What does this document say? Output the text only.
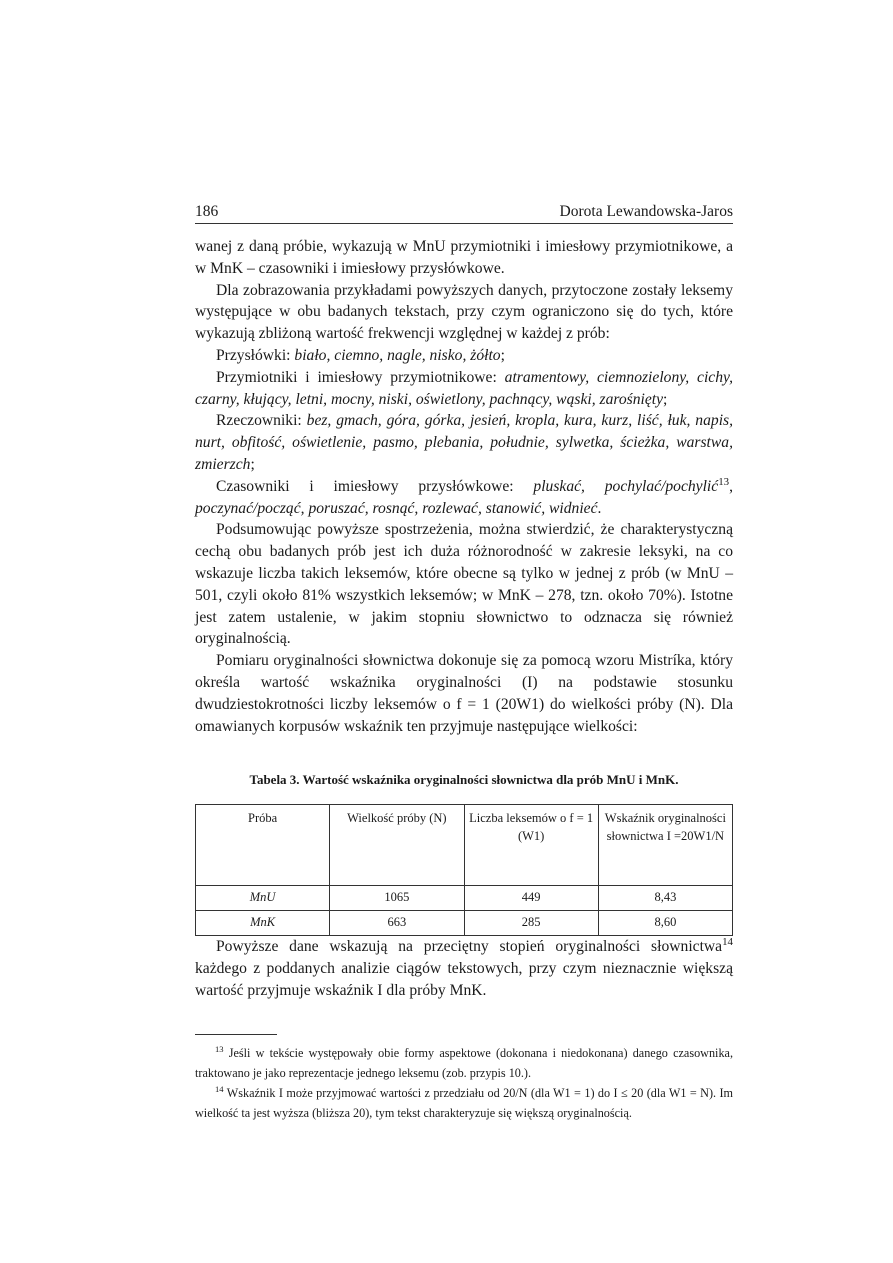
186	Dorota Lewandowska-Jaros

wanej z daną próbie, wykazują w MnU przymiotniki i imiesłowy przymiotnikowe, a w MnK – czasowniki i imiesłowy przysłówkowe.

Dla zobrazowania przykładami powyższych danych, przytoczone zostały leksemy występujące w obu badanych tekstach, przy czym ograniczono się do tych, które wykazują zbliżoną wartość frekwencji względnej w każdej z prób:

Przysłówki: biało, ciemno, nagle, nisko, żółto;

Przymiotniki i imiesłowy przymiotnikowe: atramentowy, ciemnozielony, cichy, czarny, kłujący, letni, mocny, niski, oświetlony, pachnący, wąski, zarośnięty;

Rzeczowniki: bez, gmach, góra, górka, jesień, kropla, kura, kurz, liść, łuk, napis, nurt, obfitość, oświetlenie, pasmo, plebania, południe, sylwetka, ścieżka, warstwa, zmierzch;

Czasowniki i imiesłowy przysłówkowe: pluskać, pochylać/pochylić$^{13}$, poczynać/począć, poruszać, rosnąć, rozlewać, stanowić, widnieć.

Podsumowując powyższe spostrzeżenia, można stwierdzić, że charakterystyczną cechą obu badanych prób jest ich duża różnorodność w zakresie leksyki, na co wskazuje liczba takich leksemów, które obecne są tylko w jednej z prób (w MnU – 501, czyli około 81% wszystkich leksemów; w MnK – 278, tzn. około 70%). Istotne jest zatem ustalenie, w jakim stopniu słownictwo to odznacza się również oryginalnością.

Pomiaru oryginalności słownictwa dokonuje się za pomocą wzoru Mistríka, który określa wartość wskaźnika oryginalności (I) na podstawie stosunku dwudziestokrotności liczby leksemów o f = 1 (20W1) do wielkości próby (N). Dla omawianych korpusów wskaźnik ten przyjmuje następujące wielkości:

Tabela 3. Wartość wskaźnika oryginalności słownictwa dla prób MnU i MnK.
Próba	Wielkość próby (N)	Liczba leksemów o f = 1 (W1)	Wskaźnik oryginalności słownictwa I =20W1/N
MnU	1065	449	8,43
MnK	663	285	8,60

Powyższe dane wskazują na przeciętny stopień oryginalności słownictwa$^{14}$ każdego z poddanych analizie ciągów tekstowych, przy czym nieznacznie większą wartość przyjmuje wskaźnik I dla próby MnK.

$^{13}$ Jeśli w tekście występowały obie formy aspektowe (dokonana i niedokonana) danego czasownika, traktowano je jako reprezentacje jednego leksemu (zob. przypis 10.).

$^{14}$ Wskaźnik I może przyjmować wartości z przedziału od 20/N (dla W1 = 1) do I ≤ 20 (dla W1 = N). Im wielkość ta jest wyższa (bliższa 20), tym tekst charakteryzuje się większą oryginalnością.
